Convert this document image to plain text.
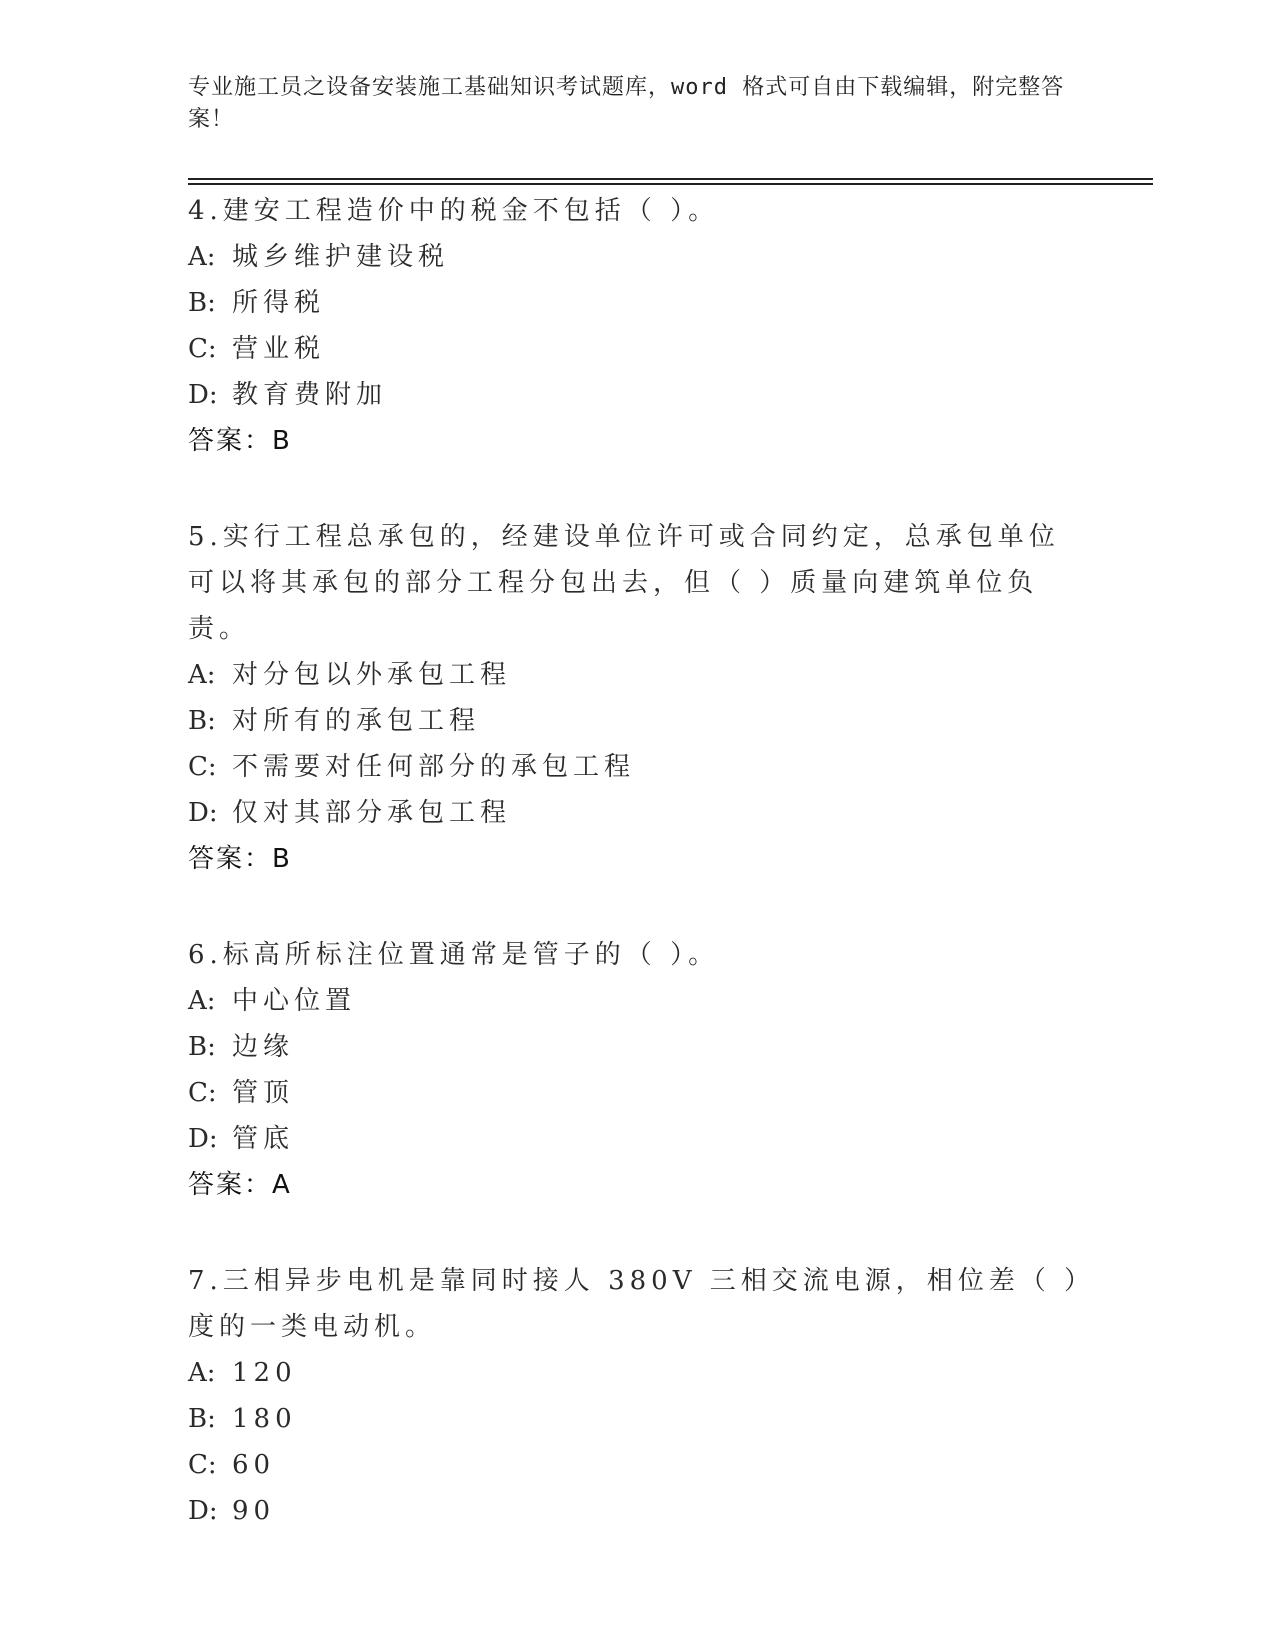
专业施工员之设备安装施工基础知识考试题库，word 格式可自由下载编辑，附完整答案！
4.建安工程造价中的税金不包括（ ）。
A: 城乡维护建设税
B: 所得税
C: 营业税
D: 教育费附加
答案：B
5.实行工程总承包的，经建设单位许可或合同约定，总承包单位可以将其承包的部分工程分包出去，但（ ）质量向建筑单位负责。
A: 对分包以外承包工程
B: 对所有的承包工程
C: 不需要对任何部分的承包工程
D: 仅对其部分承包工程
答案：B
6.标高所标注位置通常是管子的（ ）。
A: 中心位置
B: 边缘
C: 管顶
D: 管底
答案：A
7.三相异步电机是靠同时接人 380V 三相交流电源，相位差（ ）度的一类电动机。
A: 120
B: 180
C: 60
D: 90
